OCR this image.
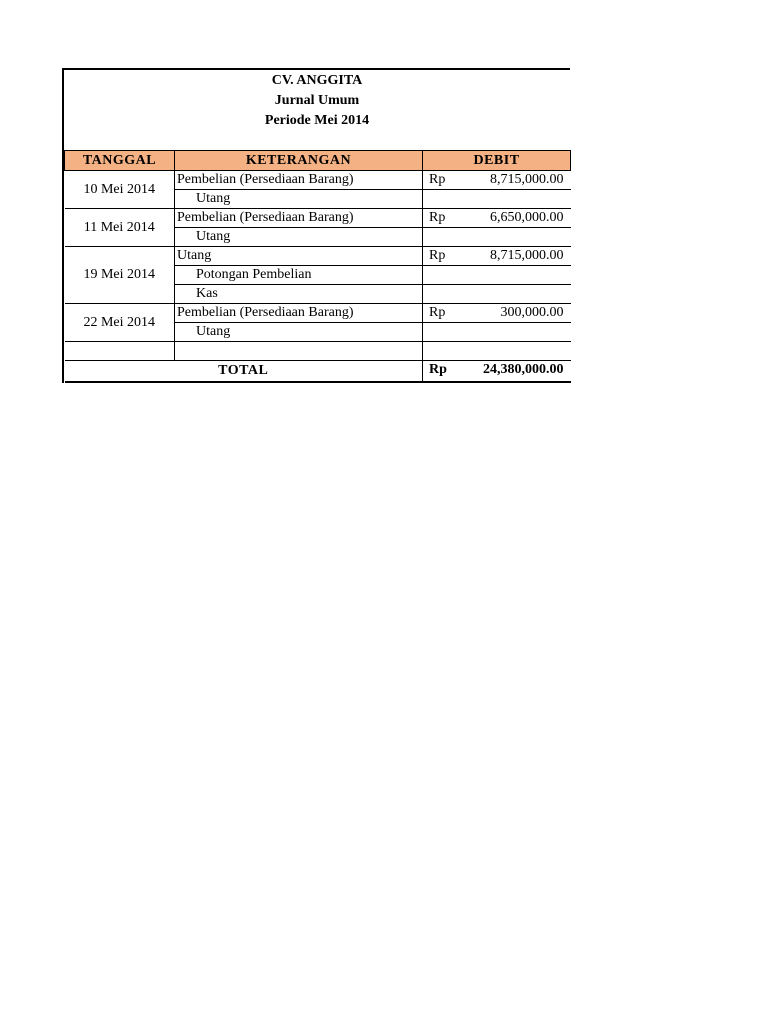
CV. ANGGITA
Jurnal Umum
Periode Mei 2014
TANGGAL	KETERANGAN	DEBIT
10 Mei 2014	Pembelian (Persediaan Barang)	Rp 8,715,000.00

	Utang	
11 Mei 2014	Pembelian (Persediaan Barang)	Rp 6,650,000.00

	Utang	
19 Mei 2014	Utang	Rp 8,715,000.00

	Potongan Pembelian	
	Kas	
22 Mei 2014	Pembelian (Persediaan Barang)	Rp 300,000.00

	Utang	

TOTAL		Rp 24,380,000.00
